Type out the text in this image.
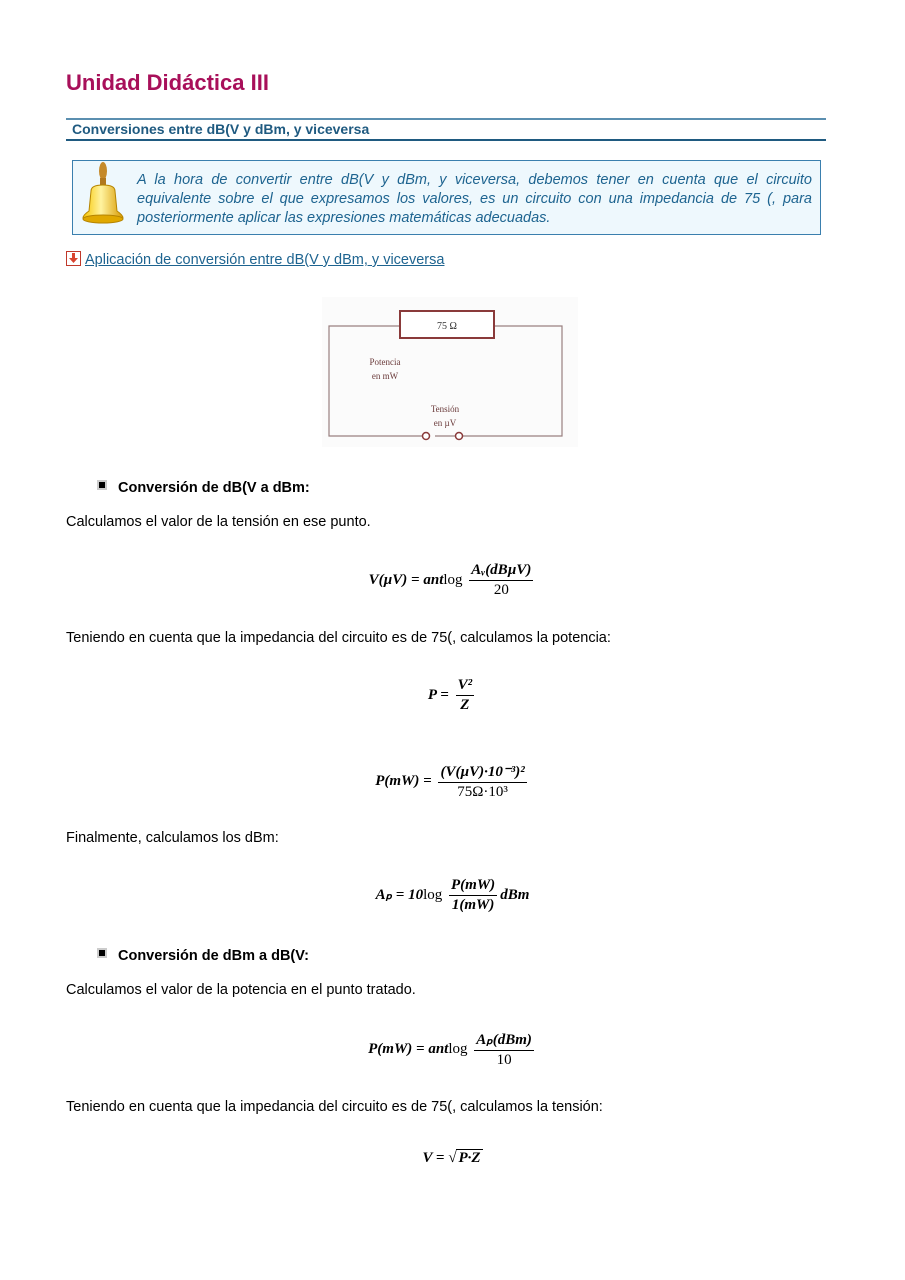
Unidad Didáctica III
Conversiones entre dB(V y dBm, y viceversa
A la hora de convertir entre dB(V y dBm, y viceversa, debemos tener en cuenta que el circuito equivalente sobre el que expresamos los valores, es un circuito con una impedancia de 75 (, para posteriormente aplicar las expresiones matemáticas adecuadas.
Aplicación de conversión entre dB(V y dBm, y viceversa
75 Ω
Potencia
en mW
Tensión
en µV
Conversión de dB(V a dBm:
Calculamos el valor de la tensión en ese punto.
V(µV) = antlog $\frac{\text{Aᵥ(dBµV)}}{20}$
Teniendo en cuenta que la impedancia del circuito es de 75(, calculamos la potencia:
$P = \frac{\text{V²}}{Z}$
$P(mW) = \frac{\text{(V(µV)·10⁻³)²}}{\text{75Ω·10³}}$
Finalmente, calculamos los dBm:
$A_p = 10\log \frac{P(mW)}{1(mW)}$ dBm
Conversión de dBm a dB(V:
Calculamos el valor de la potencia en el punto tratado.
P(mW) = antlog $\frac{\text{Aₚ(dBm)}}{10}$
Teniendo en cuenta que la impedancia del circuito es de 75(, calculamos la tensión:
V = √ P·Z
